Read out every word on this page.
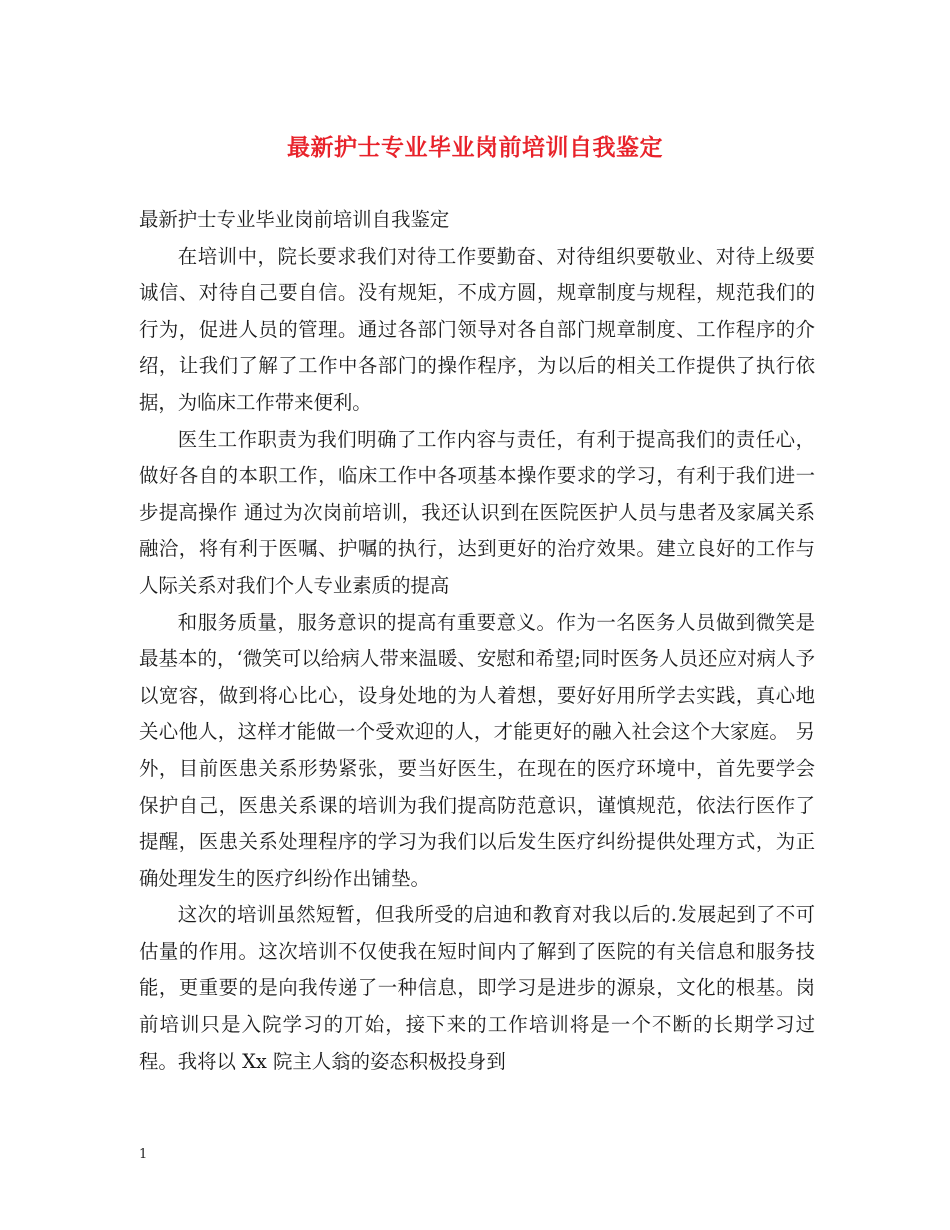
最新护士专业毕业岗前培训自我鉴定

最新护士专业毕业岗前培训自我鉴定

在培训中，院长要求我们对待工作要勤奋、对待组织要敬业、对待上级要诚信、对待自己要自信。没有规矩，不成方圆，规章制度与规程，规范我们的行为，促进人员的管理。通过各部门领导对各自部门规章制度、工作程序的介绍，让我们了解了工作中各部门的操作程序，为以后的相关工作提供了执行依据，为临床工作带来便利。

医生工作职责为我们明确了工作内容与责任，有利于提高我们的责任心，做好各自的本职工作，临床工作中各项基本操作要求的学习，有利于我们进一步提高操作 通过为次岗前培训，我还认识到在医院医护人员与患者及家属关系融洽，将有利于医嘱、护嘱的执行，达到更好的治疗效果。建立良好的工作与人际关系对我们个人专业素质的提高

和服务质量，服务意识的提高有重要意义。作为一名医务人员做到微笑是最基本的，‘微笑可以给病人带来温暖、安慰和希望;同时医务人员还应对病人予以宽容，做到将心比心，设身处地的为人着想，要好好用所学去实践，真心地关心他人，这样才能做一个受欢迎的人，才能更好的融入社会这个大家庭。 另外，目前医患关系形势紧张，要当好医生，在现在的医疗环境中，首先要学会保护自己，医患关系课的培训为我们提高防范意识，谨慎规范，依法行医作了提醒，医患关系处理程序的学习为我们以后发生医疗纠纷提供处理方式，为正确处理发生的医疗纠纷作出铺垫。

这次的培训虽然短暂，但我所受的启迪和教育对我以后的.发展起到了不可估量的作用。这次培训不仅使我在短时间内了解到了医院的有关信息和服务技能，更重要的是向我传递了一种信息，即学习是进步的源泉，文化的根基。岗前培训只是入院学习的丌始，接下来的工作培训将是一个不断的长期学习过程。我将以 Xx 院主人翁的姿态积极投身到

1
